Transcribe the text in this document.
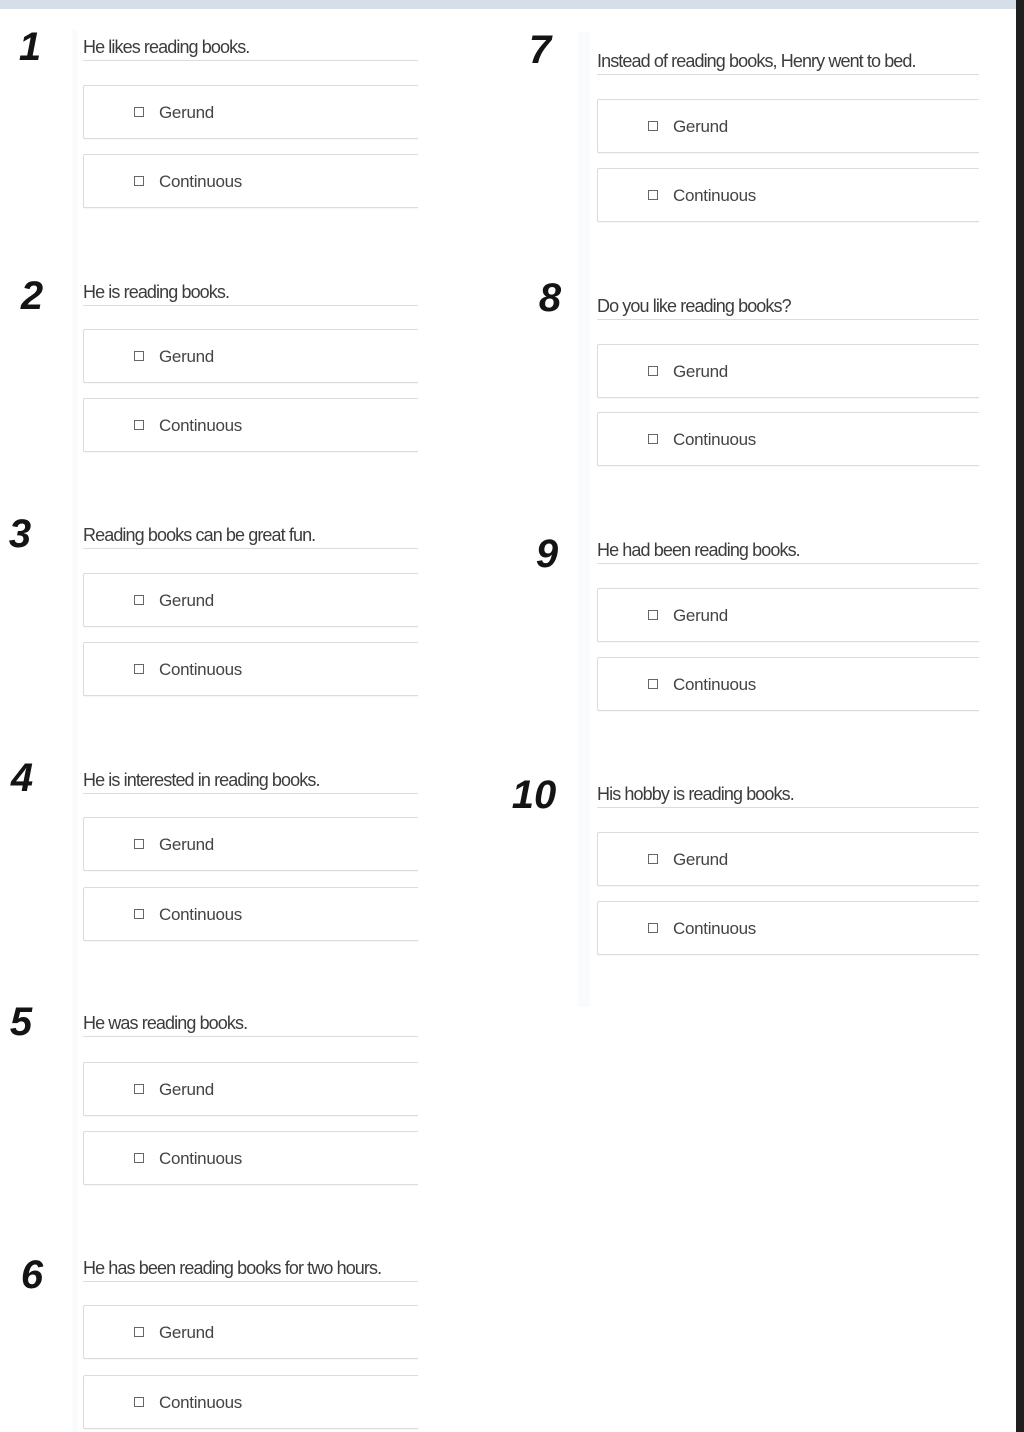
1	He likes reading books.
Gerund
Continuous
2	He is reading books.
Gerund
Continuous
3	Reading books can be great fun.
Gerund
Continuous
4	He is interested in reading books.
Gerund
Continuous
5	He was reading books.
Gerund
Continuous
6	He has been reading books for two hours.
Gerund
Continuous
7	Instead of reading books, Henry went to bed.
Gerund
Continuous
8	Do you like reading books?
Gerund
Continuous
9	He had been reading books.
Gerund
Continuous
10	His hobby is reading books.
Gerund
Continuous
